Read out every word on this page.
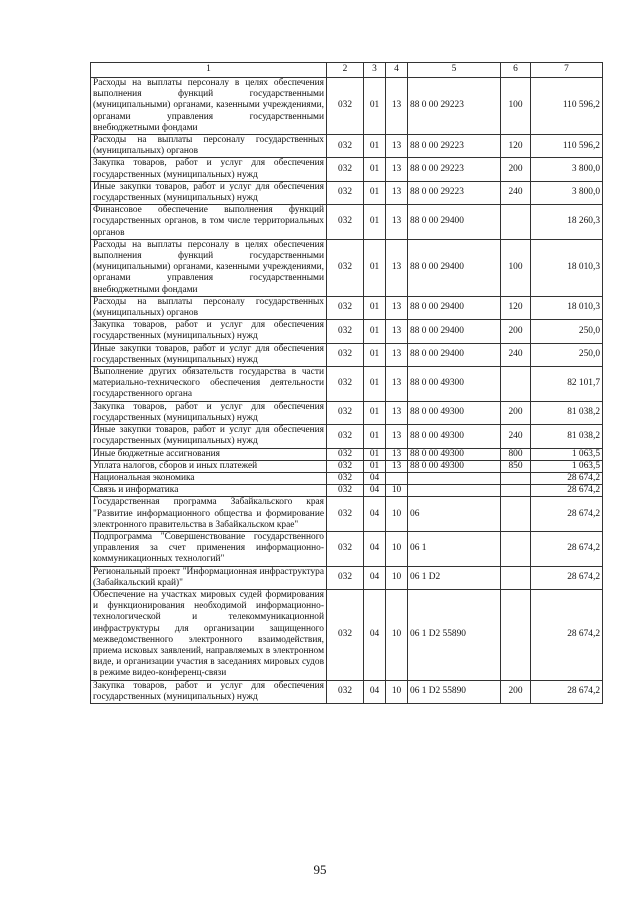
1	2	3	4	5	6	7
Расходы на выплаты персоналу в целях обеспечения выполнения функций государственными (муниципальными) органами, казенными учреждениями, органами управления государственными внебюджетными фондами	032	01	13	88 0 00 29223	100	110 596,2
Расходы на выплаты персоналу государственных (муниципальных) органов	032	01	13	88 0 00 29223	120	110 596,2
Закупка товаров, работ и услуг для обеспечения государственных (муниципальных) нужд	032	01	13	88 0 00 29223	200	3 800,0
Иные закупки товаров, работ и услуг для обеспечения государственных (муниципальных) нужд	032	01	13	88 0 00 29223	240	3 800,0
Финансовое обеспечение выполнения функций государственных органов, в том числе территориальных органов	032	01	13	88 0 00 29400		18 260,3
Расходы на выплаты персоналу в целях обеспечения выполнения функций государственными (муниципальными) органами, казенными учреждениями, органами управления государственными внебюджетными фондами	032	01	13	88 0 00 29400	100	18 010,3
Расходы на выплаты персоналу государственных (муниципальных) органов	032	01	13	88 0 00 29400	120	18 010,3
Закупка товаров, работ и услуг для обеспечения государственных (муниципальных) нужд	032	01	13	88 0 00 29400	200	250,0
Иные закупки товаров, работ и услуг для обеспечения государственных (муниципальных) нужд	032	01	13	88 0 00 29400	240	250,0
Выполнение других обязательств государства в части материально-технического обеспечения деятельности государственного органа	032	01	13	88 0 00 49300		82 101,7
Закупка товаров, работ и услуг для обеспечения государственных (муниципальных) нужд	032	01	13	88 0 00 49300	200	81 038,2
Иные закупки товаров, работ и услуг для обеспечения государственных (муниципальных) нужд	032	01	13	88 0 00 49300	240	81 038,2
Иные бюджетные ассигнования	032	01	13	88 0 00 49300	800	1 063,5
Уплата налогов, сборов и иных платежей	032	01	13	88 0 00 49300	850	1 063,5
Национальная экономика	032	04				28 674,2
Связь и информатика	032	04	10			28 674,2
Государственная программа Забайкальского края "Развитие информационного общества и формирование электронного правительства в Забайкальском крае"	032	04	10	06		28 674,2
Подпрограмма "Совершенствование государственного управления за счет применения информационно-коммуникационных технологий"	032	04	10	06 1		28 674,2
Региональный проект "Информационная инфраструктура (Забайкальский край)"	032	04	10	06 1 D2		28 674,2
Обеспечение на участках мировых судей формирования и функционирования необходимой информационно-технологической и телекоммуникационной инфраструктуры для организации защищенного межведомственного электронного взаимодействия, приема исковых заявлений, направляемых в электронном виде, и организации участия в заседаниях мировых судов в режиме видео-конференц-связи	032	04	10	06 1 D2 55890		28 674,2
Закупка товаров, работ и услуг для обеспечения государственных (муниципальных) нужд	032	04	10	06 1 D2 55890	200	28 674,2
95
